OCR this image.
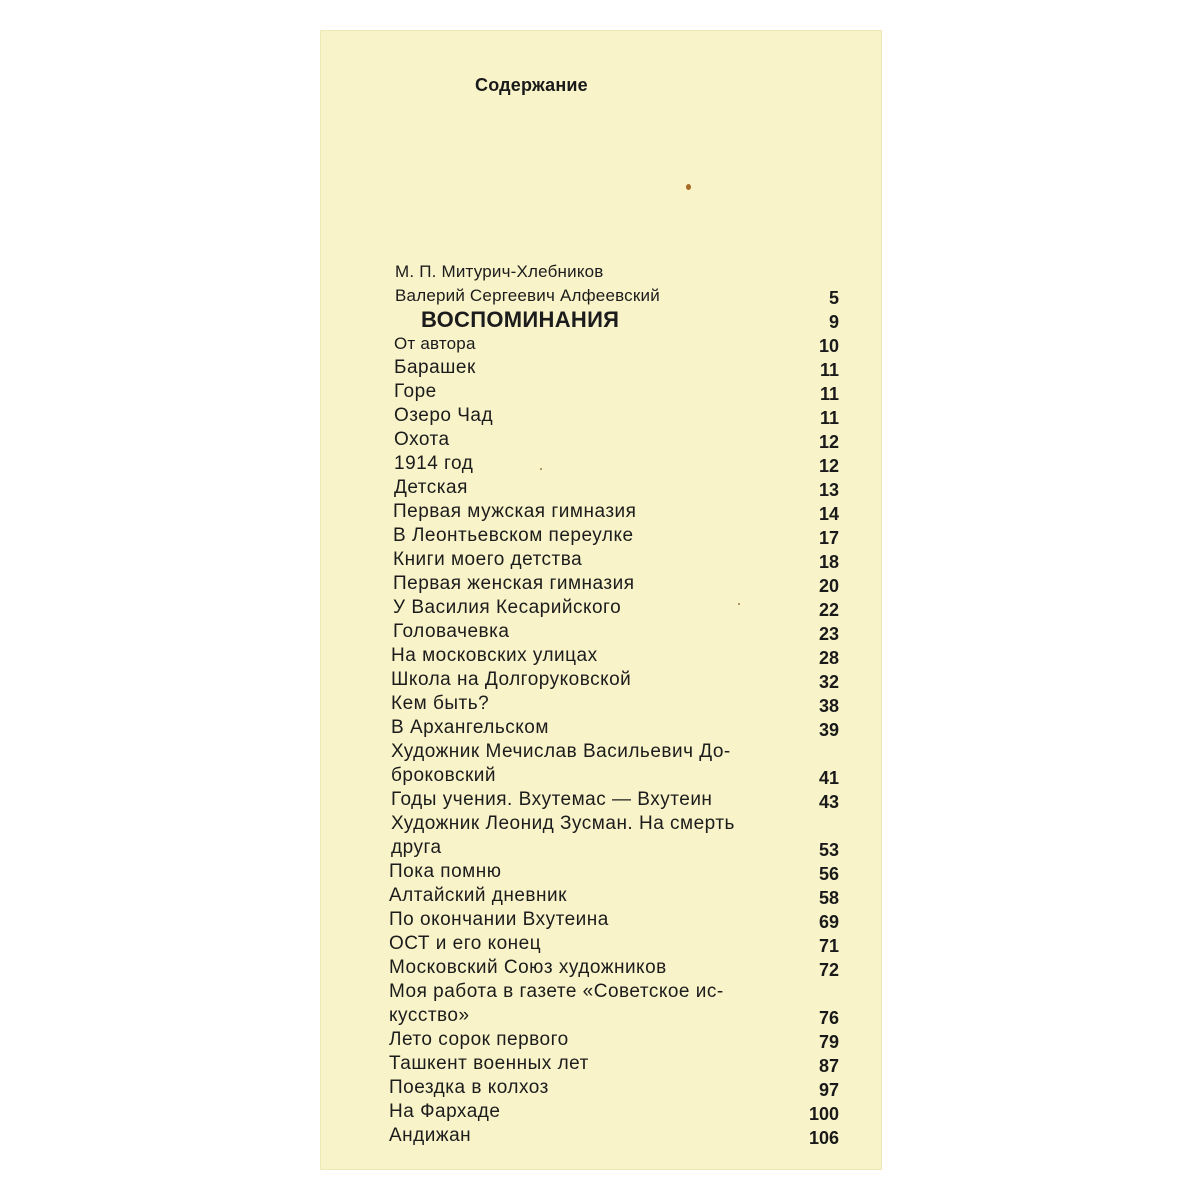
Содержание
М. П. Митурич-Хлебников
Валерий Сергеевич Алфеевский	5
ВОСПОМИНАНИЯ	9
От автора	10
Барашек	11
Горе	11
Озеро Чад	11
Охота	12
1914 год	12
Детская	13
Первая мужская гимназия	14
В Леонтьевском переулке	17
Книги моего детства	18
Первая женская гимназия	20
У Василия Кесарийского	22
Головачевка	23
На московских улицах	28
Школа на Долгоруковской	32
Кем быть?	38
В Архангельском	39
Художник Мечислав Васильевич До-
броковский	41
Годы учения. Вхутемас — Вхутеин	43
Художник Леонид Зусман. На смерть
друга	53
Пока помню	56
Алтайский дневник	58
По окончании Вхутеина	69
ОСТ и его конец	71
Московский Союз художников	72
Моя работа в газете «Советское ис-
кусство»	76
Лето сорок первого	79
Ташкент военных лет	87
Поездка в колхоз	97
На Фархаде	100
Андижан	106
